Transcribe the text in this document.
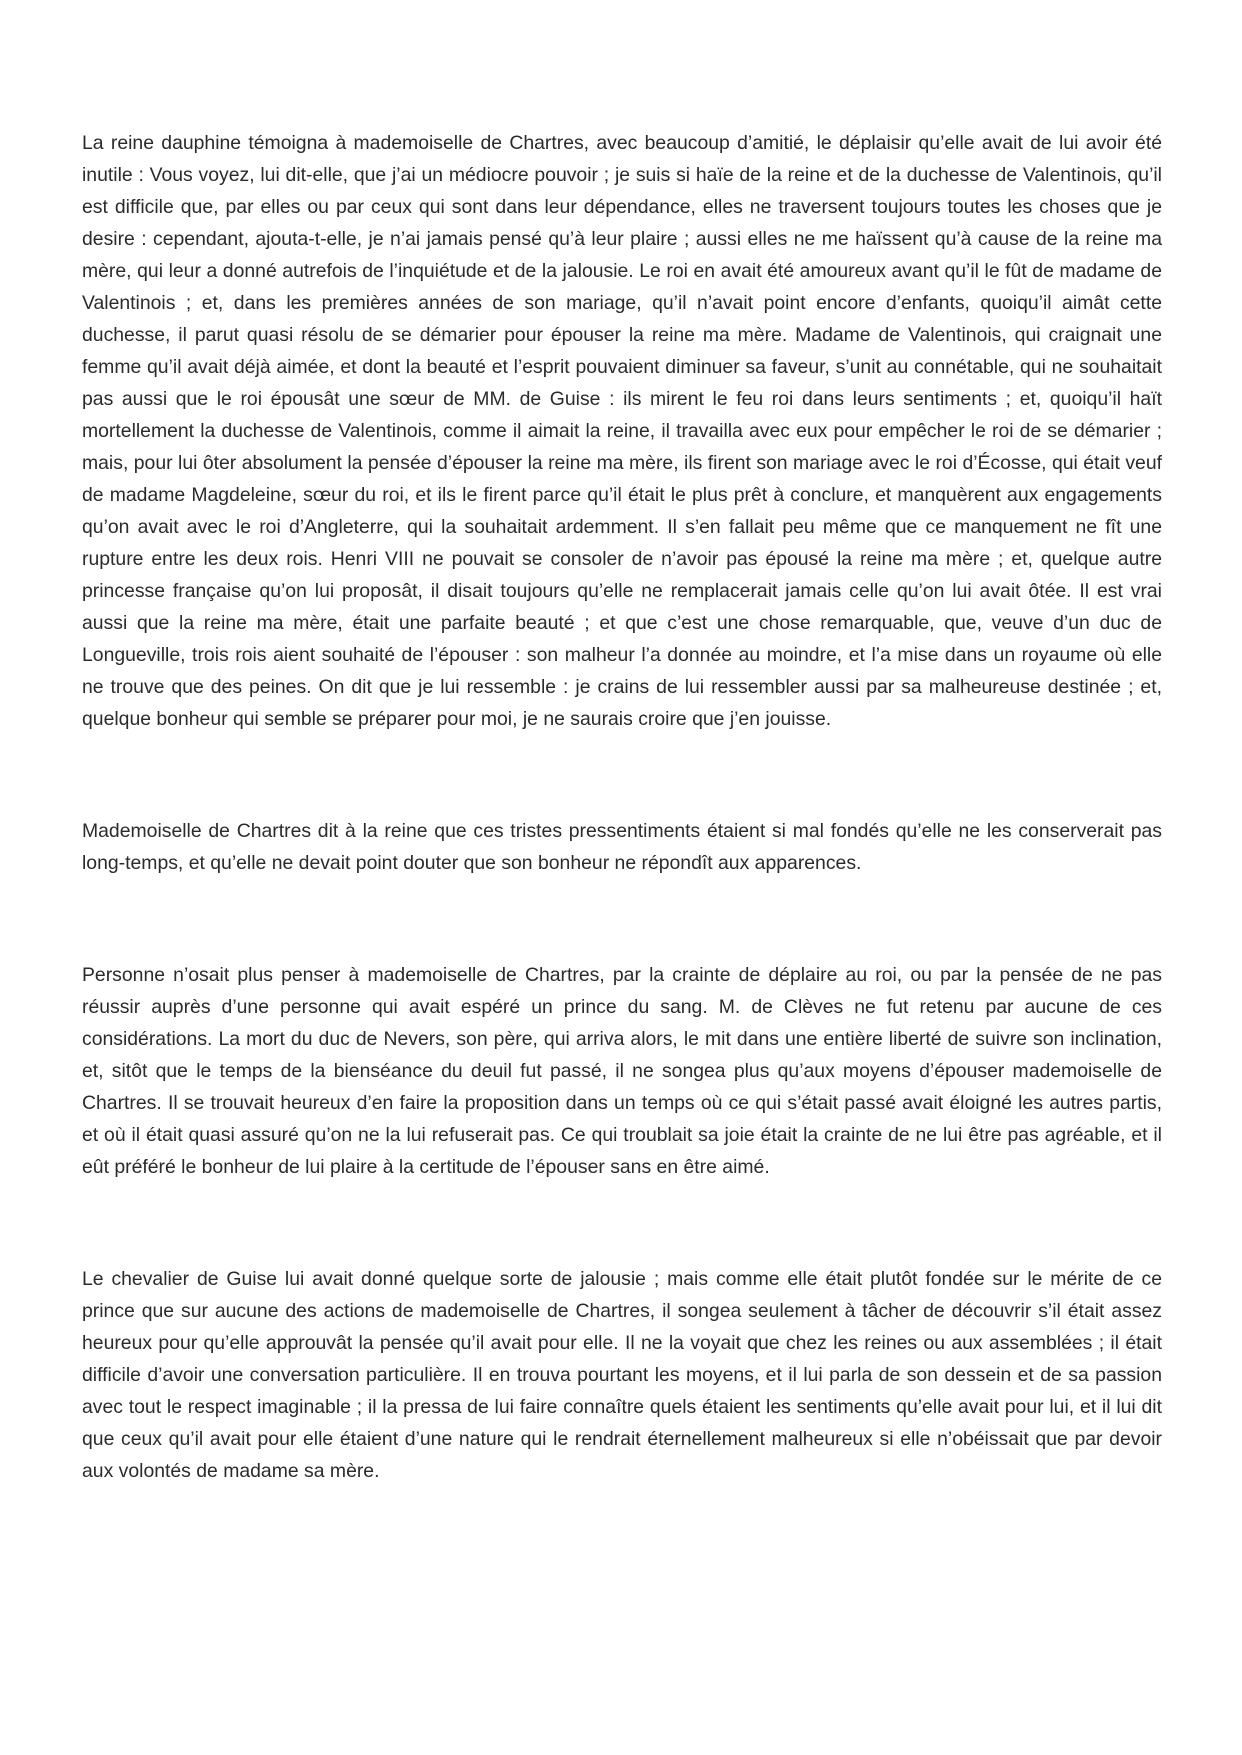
La reine dauphine témoigna à mademoiselle de Chartres, avec beaucoup d’amitié, le déplaisir qu’elle avait de lui avoir été inutile : Vous voyez, lui dit-elle, que j’ai un médiocre pouvoir ; je suis si haïe de la reine et de la duchesse de Valentinois, qu’il est difficile que, par elles ou par ceux qui sont dans leur dépendance, elles ne traversent toujours toutes les choses que je desire : cependant, ajouta-t-elle, je n’ai jamais pensé qu’à leur plaire ; aussi elles ne me haïssent qu’à cause de la reine ma mère, qui leur a donné autrefois de l’inquiétude et de la jalousie. Le roi en avait été amoureux avant qu’il le fût de madame de Valentinois ; et, dans les premières années de son mariage, qu’il n’avait point encore d’enfants, quoiqu’il aimât cette duchesse, il parut quasi résolu de se démarier pour épouser la reine ma mère. Madame de Valentinois, qui craignait une femme qu’il avait déjà aimée, et dont la beauté et l’esprit pouvaient diminuer sa faveur, s’unit au connétable, qui ne souhaitait pas aussi que le roi épousât une sœur de MM. de Guise : ils mirent le feu roi dans leurs sentiments ; et, quoiqu’il haït mortellement la duchesse de Valentinois, comme il aimait la reine, il travailla avec eux pour empêcher le roi de se démarier ; mais, pour lui ôter absolument la pensée d’épouser la reine ma mère, ils firent son mariage avec le roi d’Écosse, qui était veuf de madame Magdeleine, sœur du roi, et ils le firent parce qu’il était le plus prêt à conclure, et manquèrent aux engagements qu’on avait avec le roi d’Angleterre, qui la souhaitait ardemment. Il s’en fallait peu même que ce manquement ne fît une rupture entre les deux rois. Henri VIII ne pouvait se consoler de n’avoir pas épousé la reine ma mère ; et, quelque autre princesse française qu’on lui proposât, il disait toujours qu’elle ne remplacerait jamais celle qu’on lui avait ôtée. Il est vrai aussi que la reine ma mère, était une parfaite beauté ; et que c’est une chose remarquable, que, veuve d’un duc de Longueville, trois rois aient souhaité de l’épouser : son malheur l’a donnée au moindre, et l’a mise dans un royaume où elle ne trouve que des peines. On dit que je lui ressemble : je crains de lui ressembler aussi par sa malheureuse destinée ; et, quelque bonheur qui semble se préparer pour moi, je ne saurais croire que j’en jouisse.

Mademoiselle de Chartres dit à la reine que ces tristes pressentiments étaient si mal fondés qu’elle ne les conserverait pas long-temps, et qu’elle ne devait point douter que son bonheur ne répondît aux apparences.

Personne n’osait plus penser à mademoiselle de Chartres, par la crainte de déplaire au roi, ou par la pensée de ne pas réussir auprès d’une personne qui avait espéré un prince du sang. M. de Clèves ne fut retenu par aucune de ces considérations. La mort du duc de Nevers, son père, qui arriva alors, le mit dans une entière liberté de suivre son inclination, et, sitôt que le temps de la bienséance du deuil fut passé, il ne songea plus qu’aux moyens d’épouser mademoiselle de Chartres. Il se trouvait heureux d’en faire la proposition dans un temps où ce qui s’était passé avait éloigné les autres partis, et où il était quasi assuré qu’on ne la lui refuserait pas. Ce qui troublait sa joie était la crainte de ne lui être pas agréable, et il eût préféré le bonheur de lui plaire à la certitude de l’épouser sans en être aimé.

Le chevalier de Guise lui avait donné quelque sorte de jalousie ; mais comme elle était plutôt fondée sur le mérite de ce prince que sur aucune des actions de mademoiselle de Chartres, il songea seulement à tâcher de découvrir s’il était assez heureux pour qu’elle approuvât la pensée qu’il avait pour elle. Il ne la voyait que chez les reines ou aux assemblées ; il était difficile d’avoir une conversation particulière. Il en trouva pourtant les moyens, et il lui parla de son dessein et de sa passion avec tout le respect imaginable ; il la pressa de lui faire connaître quels étaient les sentiments qu’elle avait pour lui, et il lui dit que ceux qu’il avait pour elle étaient d’une nature qui le rendrait éternellement malheureux si elle n’obéissait que par devoir aux volontés de madame sa mère.
